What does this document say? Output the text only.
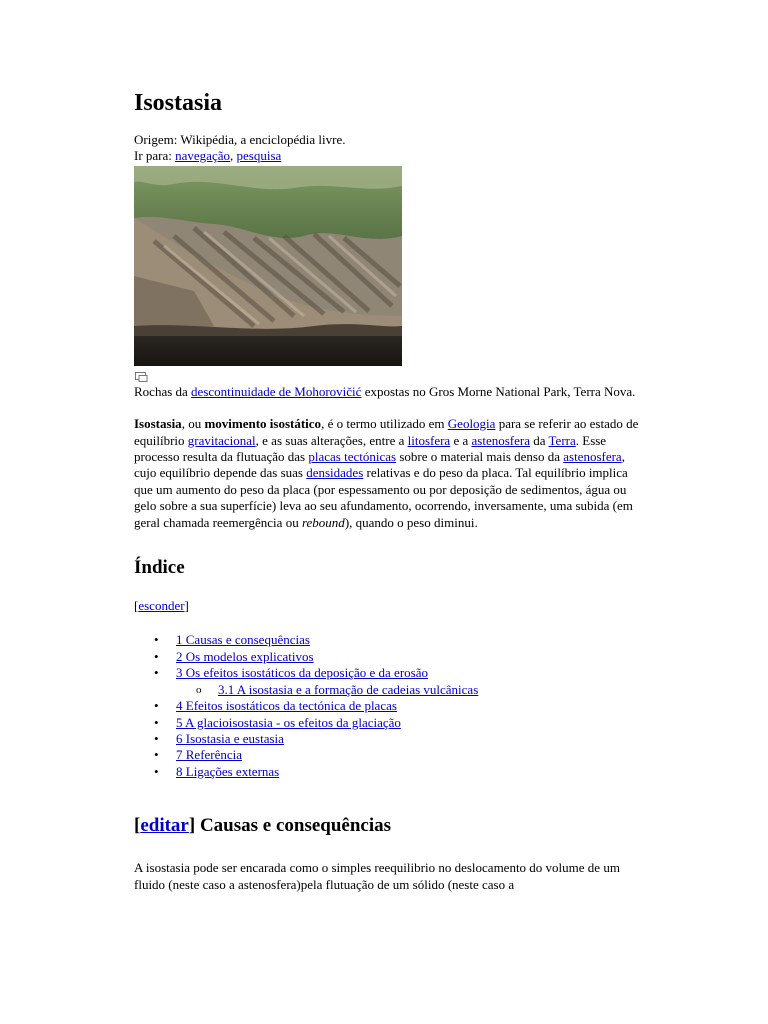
Isostasia

Origem: Wikipédia, a enciclopédia livre.

Ir para: navegação, pesquisa

Rochas da descontinuidade de Mohorovičić expostas no Gros Morne National Park, Terra Nova.

Isostasia, ou movimento isostático, é o termo utilizado em Geologia para se referir ao estado de equilíbrio gravitacional, e as suas alterações, entre a litosfera e a astenosfera da Terra. Esse processo resulta da flutuação das placas tectónicas sobre o material mais denso da astenosfera, cujo equilíbrio depende das suas densidades relativas e do peso da placa. Tal equilíbrio implica que um aumento do peso da placa (por espessamento ou por deposição de sedimentos, água ou gelo sobre a sua superfície) leva ao seu afundamento, ocorrendo, inversamente, uma subida (em geral chamada reemergência ou rebound), quando o peso diminui.

Índice

[esconder]

• 1 Causas e consequências
• 2 Os modelos explicativos
• 3 Os efeitos isostáticos da deposição e da erosão
o 3.1 A isostasia e a formação de cadeias vulcânicas
• 4 Efeitos isostáticos da tectónica de placas
• 5 A glacioisostasia - os efeitos da glaciação
• 6 Isostasia e eustasia
• 7 Referência
• 8 Ligações externas
[editar] Causas e consequências

A isostasia pode ser encarada como o simples reequilibrio no deslocamento do volume de um fluido (neste caso a astenosfera)pela flutuação de um sólido (neste caso a
